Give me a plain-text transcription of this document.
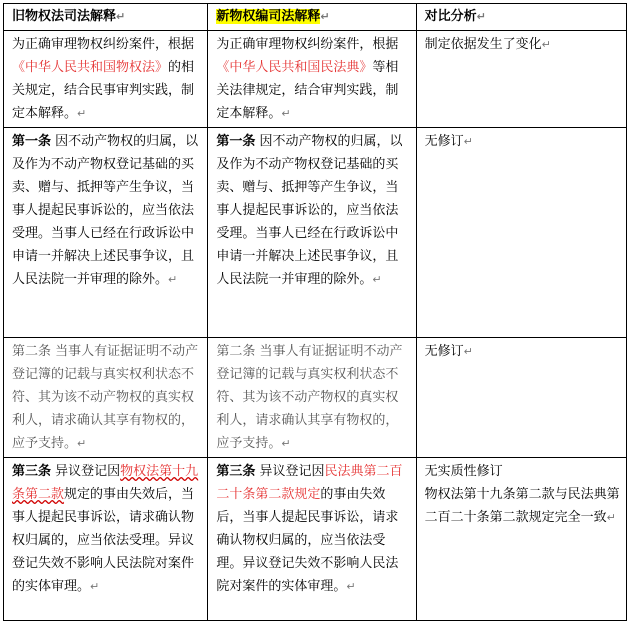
旧物权法司法解释↵	新物权编司法解释↵	对比分析↵
为正确审理物权纠纷案件，根据《中华人民共和国物权法》的相关规定，结合民事审判实践，制定本解释。↵	为正确审理物权纠纷案件，根据《中华人民共和国民法典》等相关法律规定，结合审判实践，制定本解释。↵	制定依据发生了变化↵
第一条 因不动产物权的归属，以及作为不动产物权登记基础的买卖、赠与、抵押等产生争议，当事人提起民事诉讼的，应当依法受理。当事人已经在行政诉讼中申请一并解决上述民事争议，且人民法院一并审理的除外。↵	第一条 因不动产物权的归属，以及作为不动产物权登记基础的买卖、赠与、抵押等产生争议，当事人提起民事诉讼的，应当依法受理。当事人已经在行政诉讼中申请一并解决上述民事争议，且人民法院一并审理的除外。↵	无修订↵
第二条 当事人有证据证明不动产登记簿的记载与真实权利状态不符、其为该不动产物权的真实权利人，请求确认其享有物权的，应予支持。↵	第二条 当事人有证据证明不动产登记簿的记载与真实权利状态不符、其为该不动产物权的真实权利人，请求确认其享有物权的，应予支持。↵	无修订↵
第三条 异议登记因物权法第十九条第二款规定的事由失效后，当事人提起民事诉讼，请求确认物权归属的，应当依法受理。异议登记失效不影响人民法院对案件的实体审理。↵	第三条 异议登记因民法典第二百二十条第二款规定的事由失效后，当事人提起民事诉讼，请求确认物权归属的，应当依法受理。异议登记失效不影响人民法院对案件的实体审理。↵	无实质性修订
物权法第十九条第二款与民法典第二百二十条第二款规定完全一致↵
